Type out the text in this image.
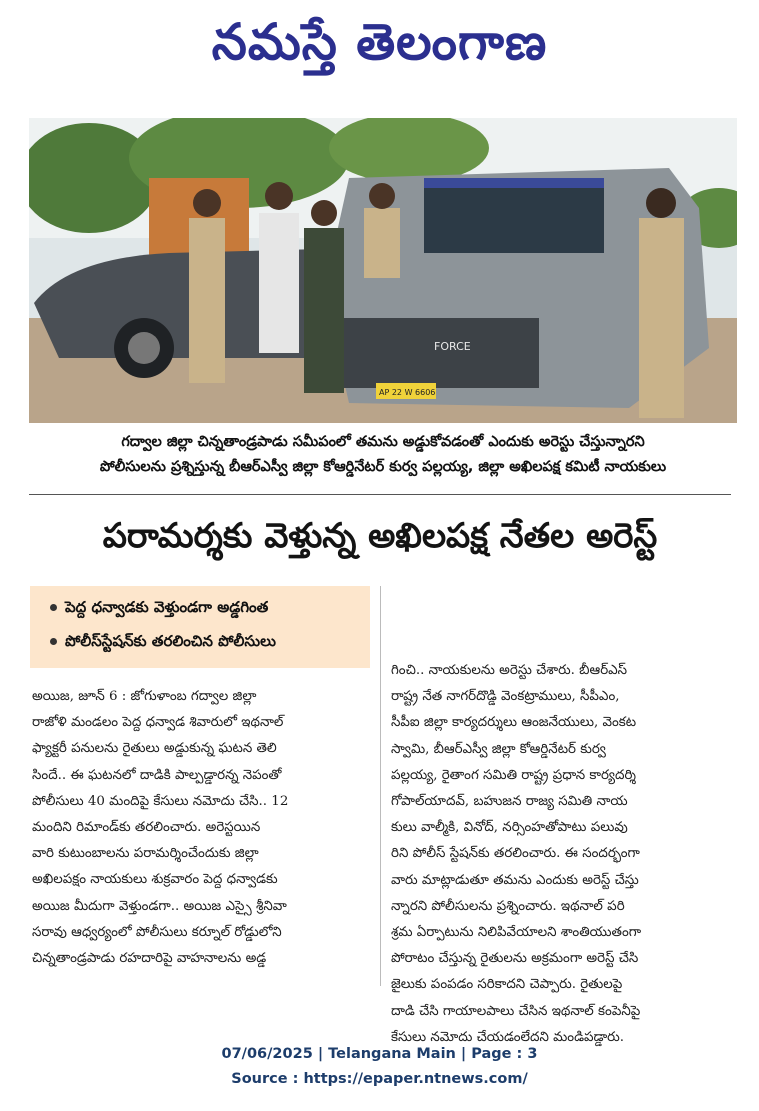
నమస్తే తెలంగాణ
FORCE
AP 22 W 6606
గద్వాల జిల్లా చిన్నతాండ్రపాడు సమీపంలో తమను అడ్డుకోవడంతో ఎందుకు అరెస్టు చేస్తున్నారని
పోలీసులను ప్రశ్నిస్తున్న బీఆర్ఎస్వీ జిల్లా కోఆర్డినేటర్ కుర్వ పల్లయ్య, జిల్లా అఖిలపక్ష కమిటీ నాయకులు
పరామర్శకు వెళ్తున్న అఖిలపక్ష నేతల అరెస్ట్
పెద్ద ధన్వాడకు వెళ్తుండగా అడ్డగింత
పోలీస్‌స్టేషన్‌కు తరలించిన పోలీసులు
అయిజ, జూన్ 6 : జోగుళాంబ గద్వాల జిల్లా
రాజోళి మండలం పెద్ద ధన్వాడ శివారులో ఇథనాల్
ఫ్యాక్టరీ పనులను రైతులు అడ్డుకున్న ఘటన తెలి
సిందే.. ఈ ఘటనలో దాడికి పాల్పడ్డారన్న నెపంతో
పోలీసులు 40 మందిపై కేసులు నమోదు చేసి.. 12
మందిని రిమాండ్‌కు తరలించారు. అరెస్టయిన
వారి కుటుంబాలను పరామర్శించేందుకు జిల్లా
అఖిలపక్షం నాయకులు శుక్రవారం పెద్ద ధన్వాడకు
అయిజ మీదుగా వెళ్తుండగా.. అయిజ ఎస్సై శ్రీనివా
సరావు ఆధ్వర్యంలో పోలీసులు కర్నూల్ రోడ్డులోని
చిన్నతాండ్రపాడు రహదారిపై వాహనాలను అడ్డ
గించి.. నాయకులను అరెస్టు చేశారు. బీఆర్ఎస్
రాష్ట్ర నేత నాగర్‌దొడ్డి వెంకట్రాములు, సీపీఎం,
సీపీఐ జిల్లా కార్యదర్శులు ఆంజనేయులు, వెంకట
స్వామి, బీఆర్ఎస్వీ జిల్లా కోఆర్డినేటర్ కుర్వ
పల్లయ్య, రైతాంగ సమితి రాష్ట్ర ప్రధాన కార్యదర్శి
గోపాల్‌యాదవ్, బహుజన రాజ్య సమితి నాయ
కులు వాల్మీకి, వినోద్, నర్సింహతోపాటు పలువు
రిని పోలీస్ స్టేషన్‌కు తరలించారు. ఈ సందర్భంగా
వారు మాట్లాడుతూ తమను ఎందుకు అరెస్ట్ చేస్తు
న్నారని పోలీసులను ప్రశ్నించారు. ఇథనాల్ పరి
శ్రమ ఏర్పాటును నిలిపివేయాలని శాంతియుతంగా
పోరాటం చేస్తున్న రైతులను అక్రమంగా అరెస్ట్ చేసి
జైలుకు పంపడం సరికాదని చెప్పారు. రైతులపై
దాడి చేసి గాయాలపాలు చేసిన ఇథనాల్ కంపెనీపై
కేసులు నమోదు చేయడంలేదని మండిపడ్డారు.
07/06/2025 | Telangana Main | Page : 3
Source : https://epaper.ntnews.com/
